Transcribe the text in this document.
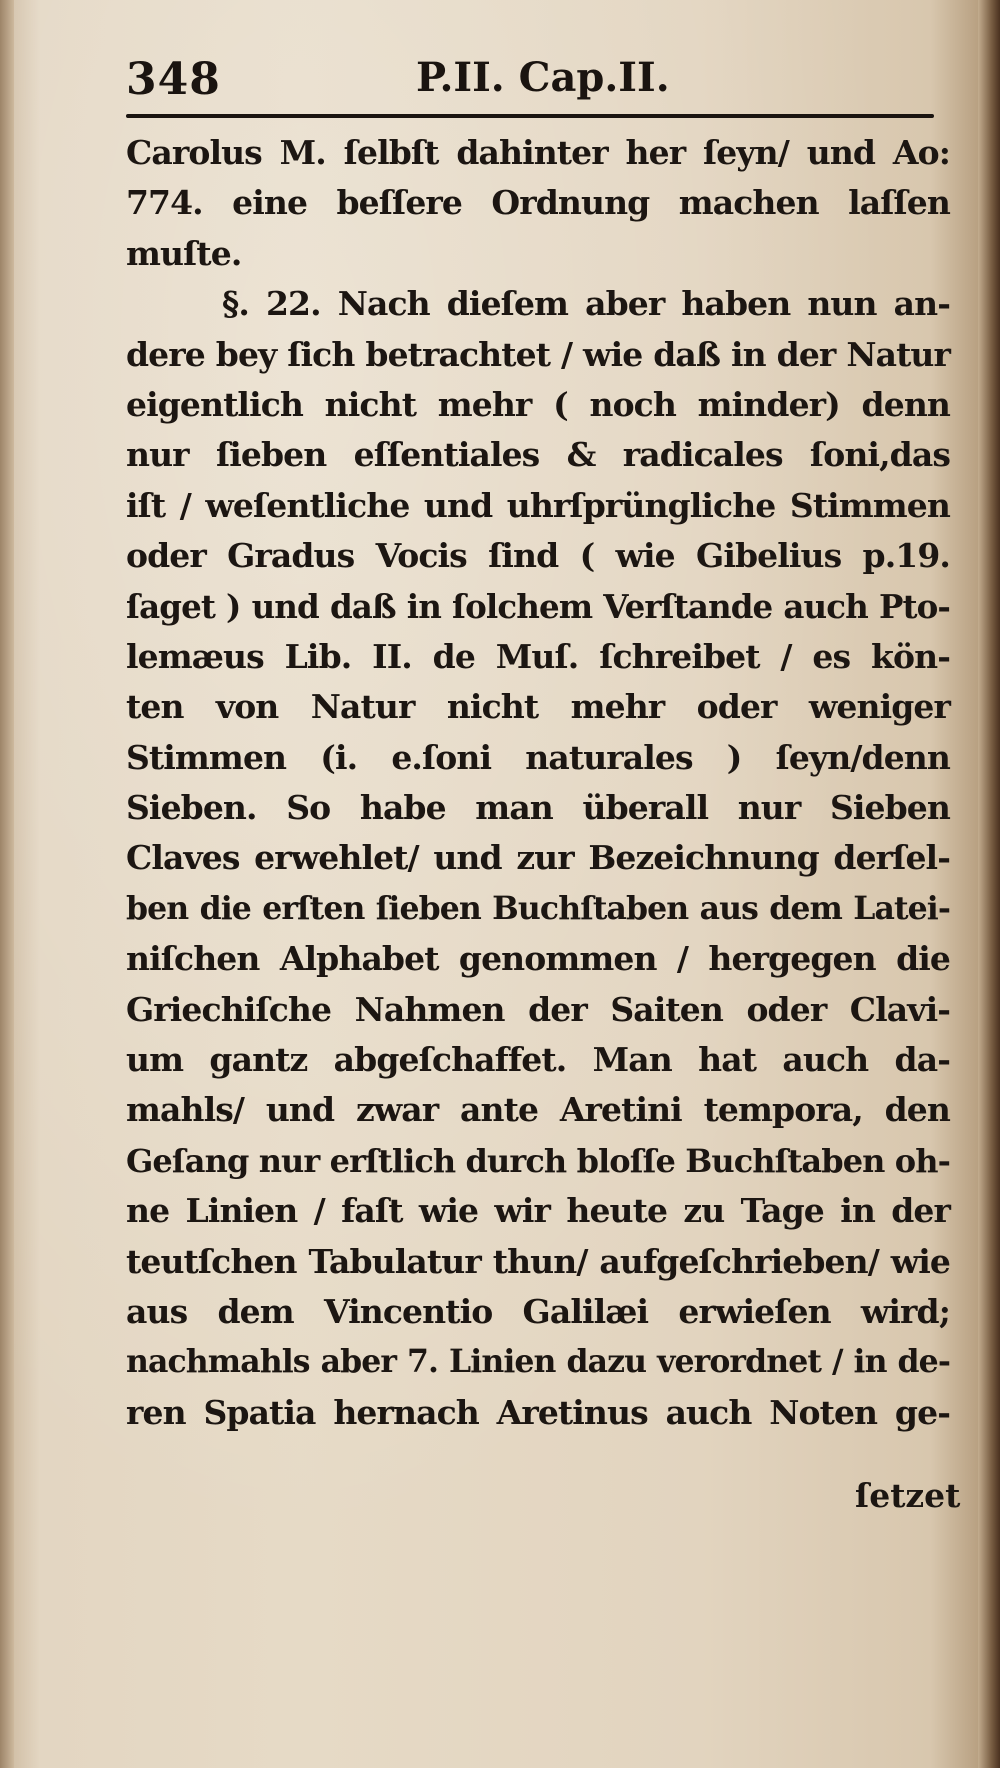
348	P.II. Cap.II.
Carolus M. ſelbſt dahinter her ſeyn/ und Ao:
774. eine beſſere Ordnung machen laſſen
muſte.
§. 22. Nach dieſem aber haben nun an-
dere bey ſich betrachtet / wie daß in der Natur
eigentlich nicht mehr ( noch minder) denn
nur ſieben eſſentiales & radicales ſoni,das
iſt / weſentliche und uhrſprüngliche Stimmen
oder Gradus Vocis ſind ( wie Gibelius p.19.
ſaget ) und daß in ſolchem Verſtande auch Pto-
lemæus Lib. II. de Muſ. ſchreibet / es kön-
ten von Natur nicht mehr oder weniger
Stimmen (i. e.ſoni naturales ) ſeyn/denn
Sieben. So habe man überall nur Sieben
Claves erwehlet/ und zur Bezeichnung derſel-
ben die erſten ſieben Buchſtaben aus dem Latei-
niſchen Alphabet genommen / hergegen die
Griechiſche Nahmen der Saiten oder Clavi-
um gantz abgeſchaffet. Man hat auch da-
mahls/ und zwar ante Aretini tempora, den
Geſang nur erſtlich durch bloſſe Buchſtaben oh-
ne Linien / faſt wie wir heute zu Tage in der
teutſchen Tabulatur thun/ aufgeſchrieben/ wie
aus dem Vincentio Galilæi erwieſen wird;
nachmahls aber 7. Linien dazu verordnet / in de-
ren Spatia hernach Aretinus auch Noten ge-
ſetzet
